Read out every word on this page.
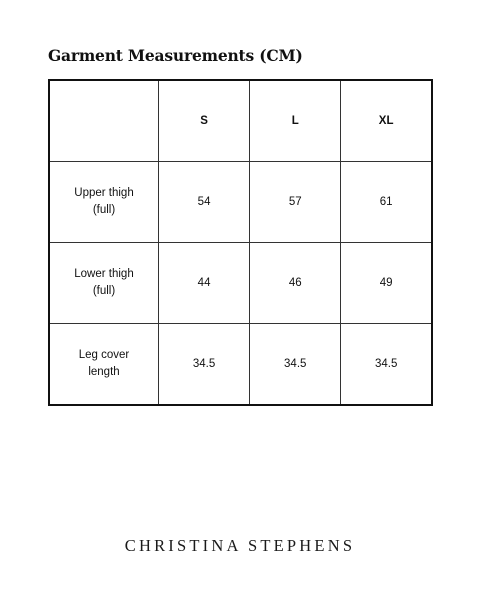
Garment Measurements (CM)
	S	L	XL
Upper thigh
(full)	54	57	61
Lower thigh
(full)	44	46	49
Leg cover
length	34.5	34.5	34.5
CHRISTINA STEPHENS
